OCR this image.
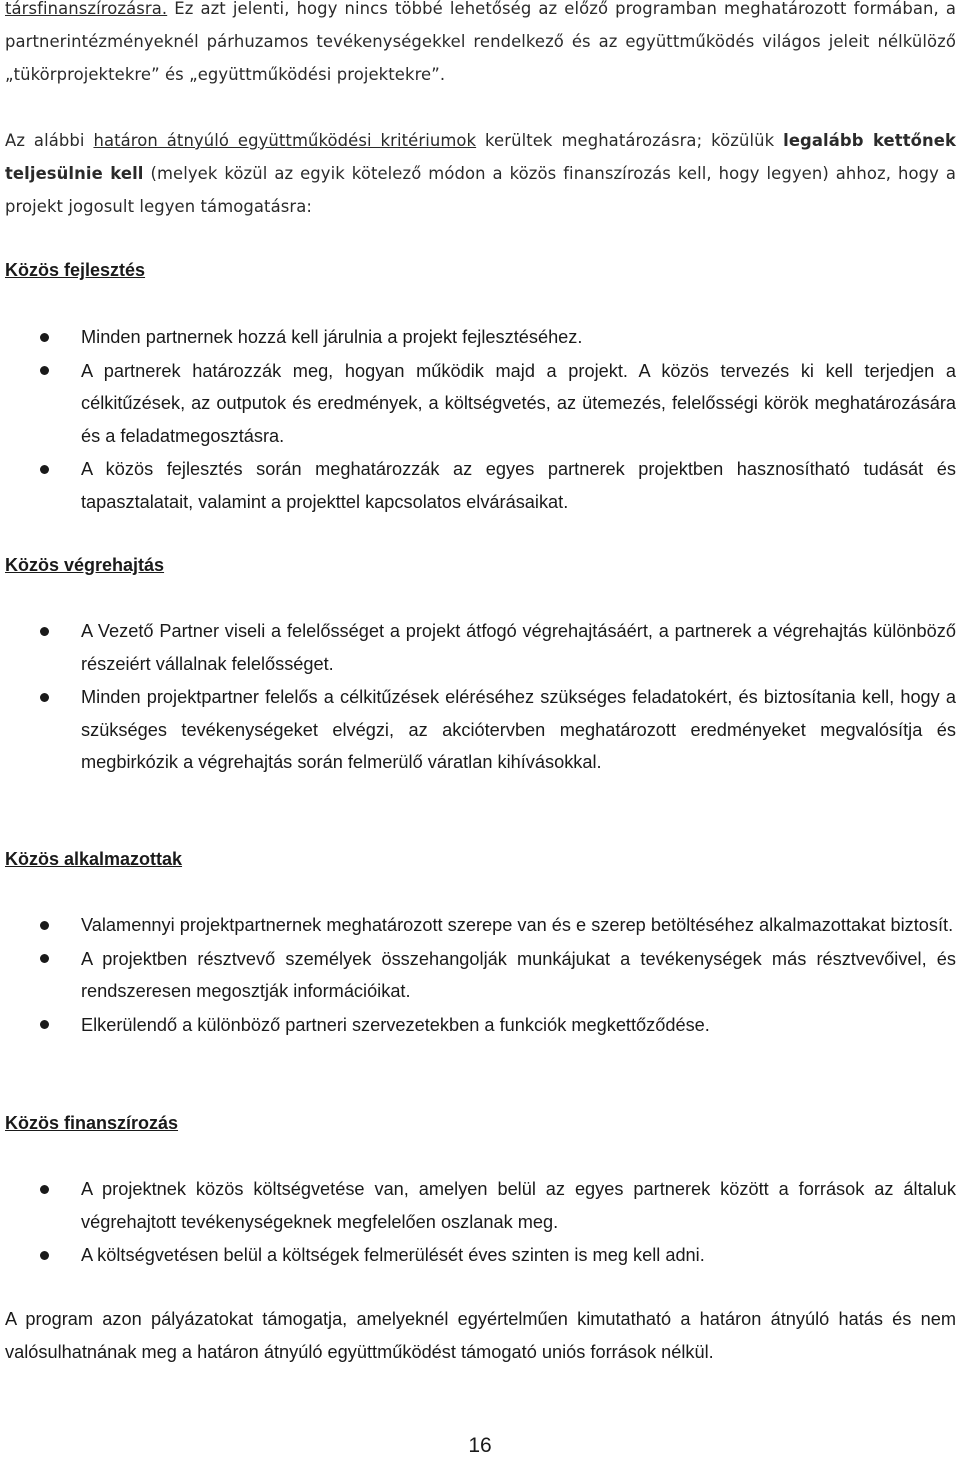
társfinanszírozásra. Ez azt jelenti, hogy nincs többé lehetőség az előző programban meghatározott formában, a partnerintézményeknél párhuzamos tevékenységekkel rendelkező és az együttműködés világos jeleit nélkülöző „tükörprojektekre” és „együttműködési projektekre”.

Az alábbi határon átnyúló együttműködési kritériumok kerültek meghatározásra; közülük legalább kettőnek teljesülnie kell (melyek közül az egyik kötelező módon a közös finanszírozás kell, hogy legyen) ahhoz, hogy a projekt jogosult legyen támogatásra:

Közös fejlesztés
Minden partnernek hozzá kell járulnia a projekt fejlesztéséhez.
A partnerek határozzák meg, hogyan működik majd a projekt. A közös tervezés ki kell terjedjen a célkitűzések, az outputok és eredmények, a költségvetés, az ütemezés, felelősségi körök meghatározására és a feladatmegosztásra.
A közös fejlesztés során meghatározzák az egyes partnerek projektben hasznosítható tudását és tapasztalatait, valamint a projekttel kapcsolatos elvárásaikat.
Közös végrehajtás
A Vezető Partner viseli a felelősséget a projekt átfogó végrehajtásáért, a partnerek a végrehajtás különböző részeiért vállalnak felelősséget.
Minden projektpartner felelős a célkitűzések eléréséhez szükséges feladatokért, és biztosítania kell, hogy a szükséges tevékenységeket elvégzi, az akciótervben meghatározott eredményeket megvalósítja és megbirkózik a végrehajtás során felmerülő váratlan kihívásokkal.
Közös alkalmazottak
Valamennyi projektpartnernek meghatározott szerepe van és e szerep betöltéséhez alkalmazottakat biztosít.
A projektben résztvevő személyek összehangolják munkájukat a tevékenységek más résztvevőivel, és rendszeresen megosztják információikat.
Elkerülendő a különböző partneri szervezetekben a funkciók megkettőződése.
Közös finanszírozás
A projektnek közös költségvetése van, amelyen belül az egyes partnerek között a források az általuk végrehajtott tevékenységeknek megfelelően oszlanak meg.
A költségvetésen belül a költségek felmerülését éves szinten is meg kell adni.

A program azon pályázatokat támogatja, amelyeknél egyértelműen kimutatható a határon átnyúló hatás és nem valósulhatnának meg a határon átnyúló együttműködést támogató uniós források nélkül.

16
